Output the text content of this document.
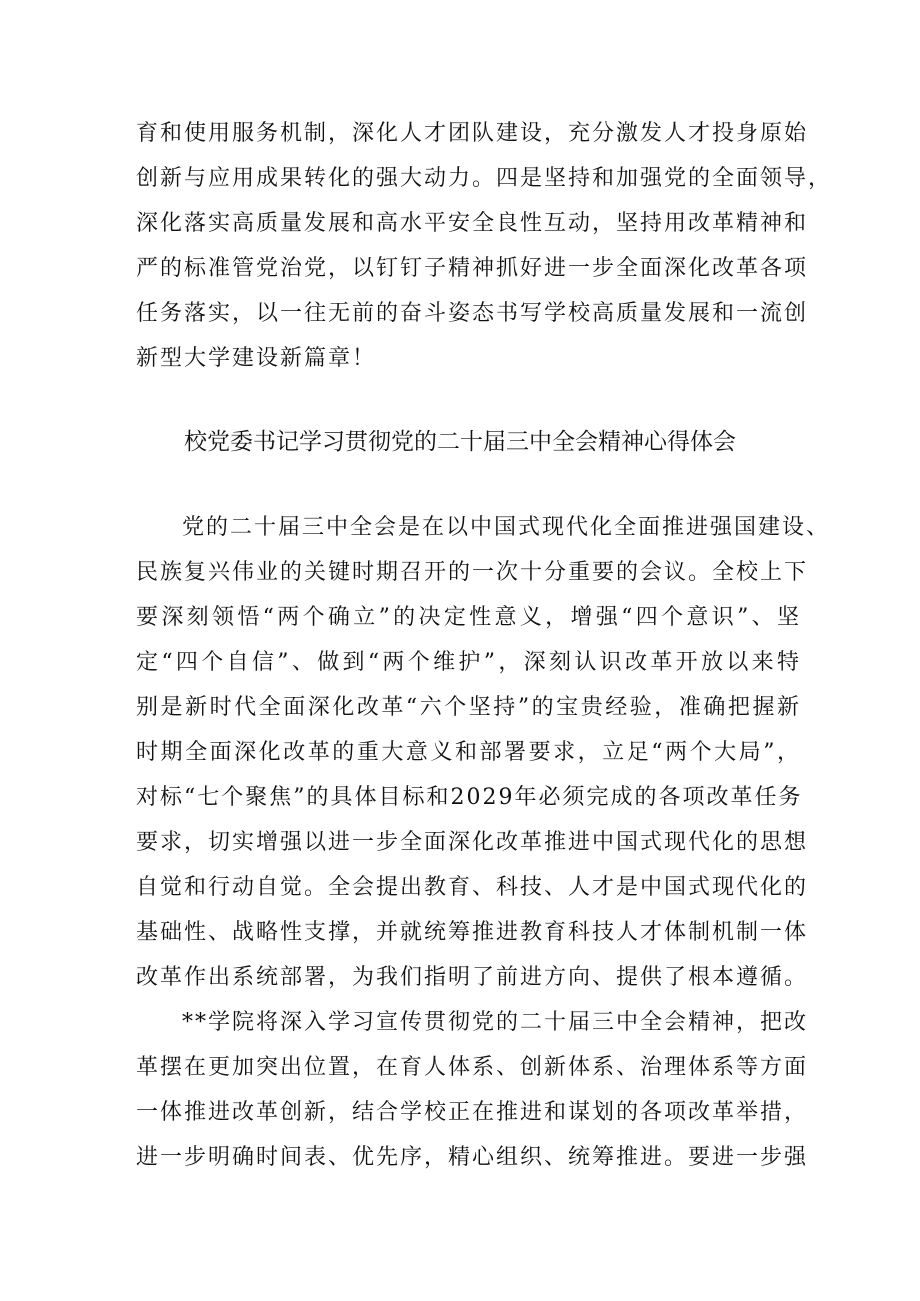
育和使用服务机制，深化人才团队建设，充分激发人才投身原始
创新与应用成果转化的强大动力。四是坚持和加强党的全面领导，
深化落实高质量发展和高水平安全良性互动，坚持用改革精神和
严的标准管党治党，以钉钉子精神抓好进一步全面深化改革各项
任务落实，以一往无前的奋斗姿态书写学校高质量发展和一流创
新型大学建设新篇章！
校党委书记学习贯彻党的二十届三中全会精神心得体会
党的二十届三中全会是在以中国式现代化全面推进强国建设、
民族复兴伟业的关键时期召开的一次十分重要的会议。全校上下
要深刻领悟“两个确立”的决定性意义，增强“四个意识”、坚
定“四个自信”、做到“两个维护”，深刻认识改革开放以来特
别是新时代全面深化改革“六个坚持”的宝贵经验，准确把握新
时期全面深化改革的重大意义和部署要求，立足“两个大局”，
对标“七个聚焦”的具体目标和2029年必须完成的各项改革任务
要求，切实增强以进一步全面深化改革推进中国式现代化的思想
自觉和行动自觉。全会提出教育、科技、人才是中国式现代化的
基础性、战略性支撑，并就统筹推进教育科技人才体制机制一体
改革作出系统部署，为我们指明了前进方向、提供了根本遵循。
**学院将深入学习宣传贯彻党的二十届三中全会精神，把改
革摆在更加突出位置，在育人体系、创新体系、治理体系等方面
一体推进改革创新，结合学校正在推进和谋划的各项改革举措，
进一步明确时间表、优先序，精心组织、统筹推进。要进一步强
